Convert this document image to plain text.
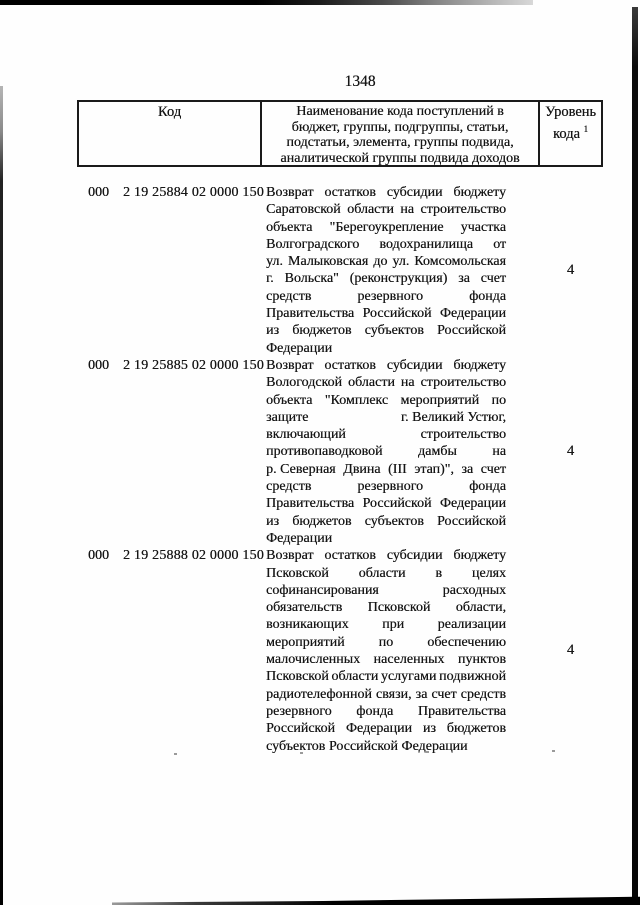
1348
Код	Наименование кода поступлений в
бюджет, группы, подгруппы, статьи,
подстатьи, элемента, группы подвида,
аналитической группы подвида доходов
Уровень
кода $^1$
000 2 19 25884 02 0000 150 Возврат остатков субсидии бюджету
Саратовской области на строительство
объекта "Берегоукрепление участка
Волгоградского водохранилища от
ул. Малыковская до ул. Комсомольская
г. Вольска" (реконструкция) за счет
средств	резервного	фонда
Правительства Российской Федерации
из бюджетов субъектов Российской
Федерации
4
000 2 19 25885 02 0000 150 Возврат остатков субсидии бюджету
Вологодской области на строительство
объекта "Комплекс мероприятий по
защите	г. Великий Устюг,
включающий	строительство
противопаводковой	дамбы	на
р. Северная Двина (III этап)", за счет
средств	резервного	фонда
Правительства Российской Федерации
из бюджетов субъектов Российской
Федерации
4
000 2 19 25888 02 0000 150 Возврат остатков субсидии бюджету
Псковской области в целях
софинансирования	расходных
обязательств Псковской области,
возникающих при реализации
мероприятий по обеспечению
малочисленных населенных пунктов
Псковской области услугами подвижной
радиотелефонной связи, за счет средств
резервного фонда Правительства
Российской Федерации из бюджетов
субъектов Российской Федерации
4
